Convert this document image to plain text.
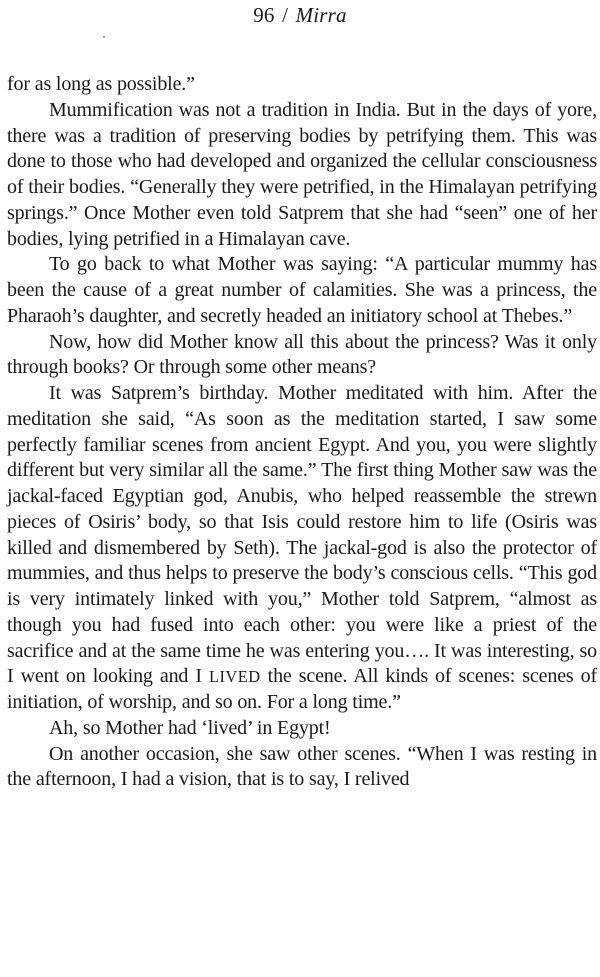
96 / Mirra

for as long as possible.”

Mummification was not a tradition in India. But in the days of yore, there was a tradition of preserving bodies by petrifying them. This was done to those who had developed and organized the cellular consciousness of their bodies. “Generally they were petrified, in the Himalayan petrifying springs.” Once Mother even told Satprem that she had “seen” one of her bodies, lying petrified in a Himalayan cave.

To go back to what Mother was saying: “A particular mummy has been the cause of a great number of calamities. She was a princess, the Pharaoh’s daughter, and secretly headed an initiatory school at Thebes.”

Now, how did Mother know all this about the princess? Was it only through books? Or through some other means?

It was Satprem’s birthday. Mother meditated with him. After the meditation she said, “As soon as the meditation started, I saw some perfectly familiar scenes from ancient Egypt. And you, you were slightly different but very similar all the same.” The first thing Mother saw was the jackal-faced Egyptian god, Anubis, who helped reassemble the strewn pieces of Osiris’ body, so that Isis could restore him to life (Osiris was killed and dismembered by Seth). The jackal-god is also the protector of mummies, and thus helps to preserve the body’s conscious cells. “This god is very intimately linked with you,” Mother told Satprem, “almost as though you had fused into each other: you were like a priest of the sacrifice and at the same time he was entering you…. It was interesting, so I went on looking and I LIVED the scene. All kinds of scenes: scenes of initiation, of worship, and so on. For a long time.”

Ah, so Mother had ‘lived’ in Egypt!

On another occasion, she saw other scenes. “When I was resting in the afternoon, I had a vision, that is to say, I relived
